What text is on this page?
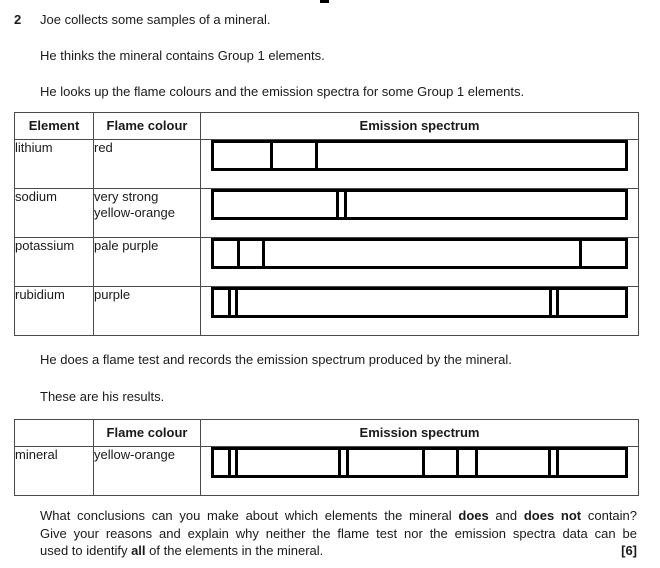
2 Joe collects some samples of a mineral.
He thinks the mineral contains Group 1 elements.
He looks up the flame colours and the emission spectra for some Group 1 elements.
Element	Flame colour	Emission spectrum
lithium	red	

sodium	very strong yellow-orange	

potassium	pale purple	

rubidium	purple	
He does a flame test and records the emission spectrum produced by the mineral.
These are his results.
	Flame colour	Emission spectrum
mineral	yellow-orange	
What conclusions can you make about which elements the mineral does and does not contain?
Give your reasons and explain why neither the flame test nor the emission spectra data can be
[6]
used to identify all of the elements in the mineral.
